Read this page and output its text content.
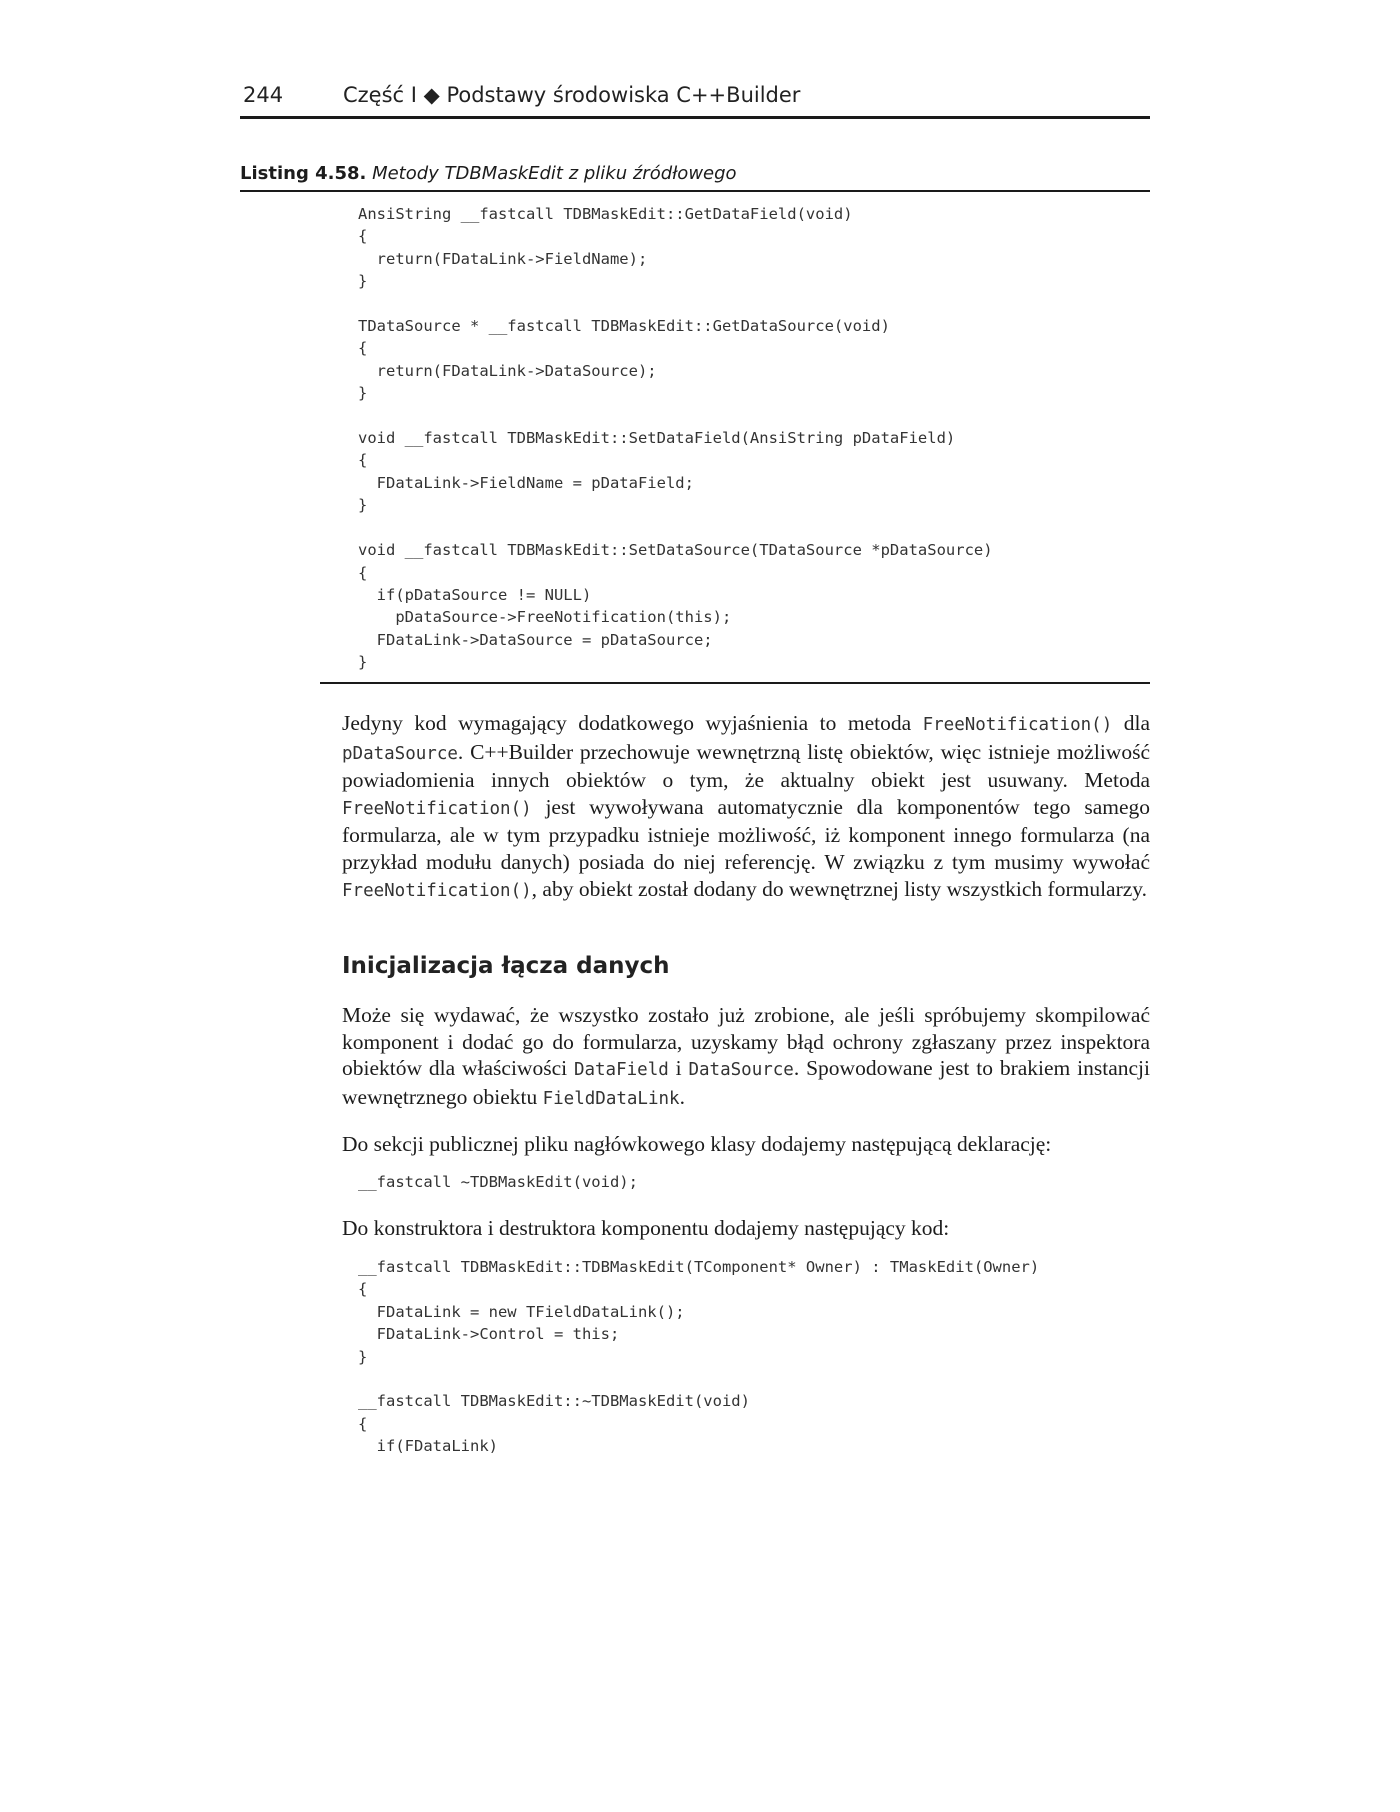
244	Część I ◆ Podstawy środowiska C++Builder
Listing 4.58. Metody TDBMaskEdit z pliku źródłowego
AnsiString __fastcall TDBMaskEdit::GetDataField(void)
{
return(FDataLink->FieldName);
}

TDataSource * __fastcall TDBMaskEdit::GetDataSource(void)
{
return(FDataLink->DataSource);
}

void __fastcall TDBMaskEdit::SetDataField(AnsiString pDataField)
{
FDataLink->FieldName = pDataField;
}

void __fastcall TDBMaskEdit::SetDataSource(TDataSource *pDataSource)
{
if(pDataSource != NULL)
pDataSource->FreeNotification(this);
FDataLink->DataSource = pDataSource;
}

Jedyny kod wymagający dodatkowego wyjaśnienia to metoda FreeNotification() dla pDataSource. C++Builder przechowuje wewnętrzną listę obiektów, więc istnieje możliwość powiadomienia innych obiektów o tym, że aktualny obiekt jest usuwany. Metoda FreeNotification() jest wywoływana automatycznie dla komponentów tego samego formularza, ale w tym przypadku istnieje możliwość, iż komponent innego formularza (na przykład modułu danych) posiada do niej referencję. W związku z tym musimy wywołać FreeNotification(), aby obiekt został dodany do wewnętrznej listy wszystkich formularzy.

Inicjalizacja łącza danych

Może się wydawać, że wszystko zostało już zrobione, ale jeśli spróbujemy skompilować komponent i dodać go do formularza, uzyskamy błąd ochrony zgłaszany przez inspektora obiektów dla właściwości DataField i DataSource. Spowodowane jest to brakiem instancji wewnętrznego obiektu FieldDataLink.

Do sekcji publicznej pliku nagłówkowego klasy dodajemy następującą deklarację:

__fastcall ~TDBMaskEdit(void);

Do konstruktora i destruktora komponentu dodajemy następujący kod:

__fastcall TDBMaskEdit::TDBMaskEdit(TComponent* Owner) : TMaskEdit(Owner)
{
FDataLink = new TFieldDataLink();
FDataLink->Control = this;
}

__fastcall TDBMaskEdit::~TDBMaskEdit(void)
{
if(FDataLink)
